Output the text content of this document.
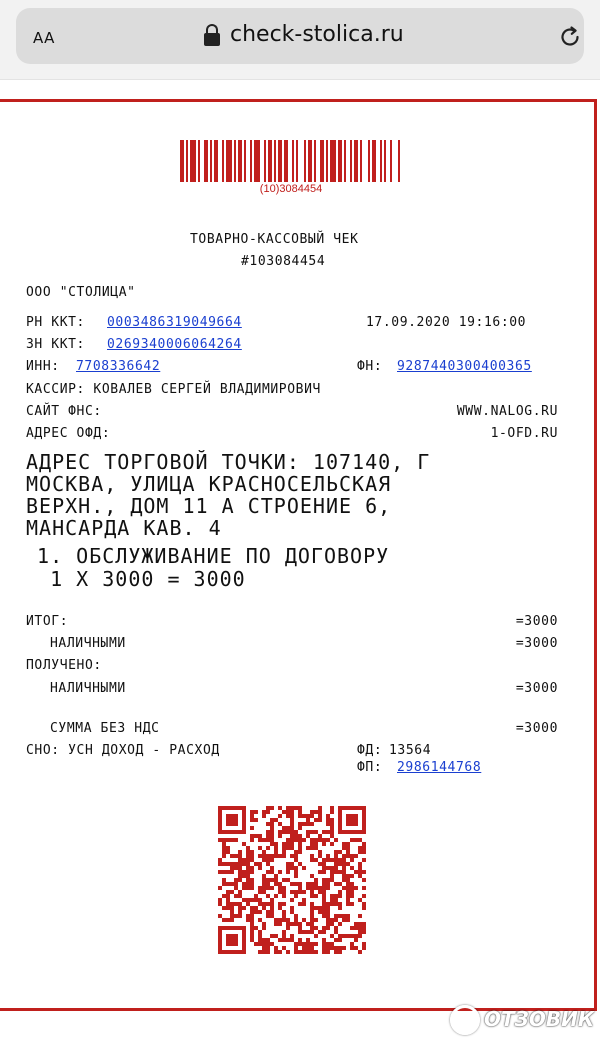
AA	check-stolica.ru
(10)3084454
ТОВАРНО-КАССОВЫЙ ЧЕК
#103084454
ООО "СТОЛИЦА"
РН ККТ: 0003486319049664	17.09.2020 19:16:00
ЗН ККТ: 0269340006064264
ИНН: 7708336642	ФН: 9287440300400365
КАССИР: КОВАЛЕВ СЕРГЕЙ ВЛАДИМИРОВИЧ
САЙТ ФНС:	WWW.NALOG.RU
АДРЕС ОФД:	1-OFD.RU
АДРЕС ТОРГОВОЙ ТОЧКИ: 107140, Г
МОСКВА, УЛИЦА КРАСНОСЕЛЬСКАЯ
ВЕРХН., ДОМ 11 А СТРОЕНИЕ 6,
МАНСАРДА КАВ. 4
1. ОБСЛУЖИВАНИЕ ПО ДОГОВОРУ
1 X 3000 = 3000
ИТОГ:	=3000
НАЛИЧНЫМИ	=3000
ПОЛУЧЕНО:
НАЛИЧНЫМИ	=3000
СУММА БЕЗ НДС	=3000
СНО: УСН ДОХОД - РАСХОД	ФД: 13564
ФП: 2986144768
ОТЗОВИК
